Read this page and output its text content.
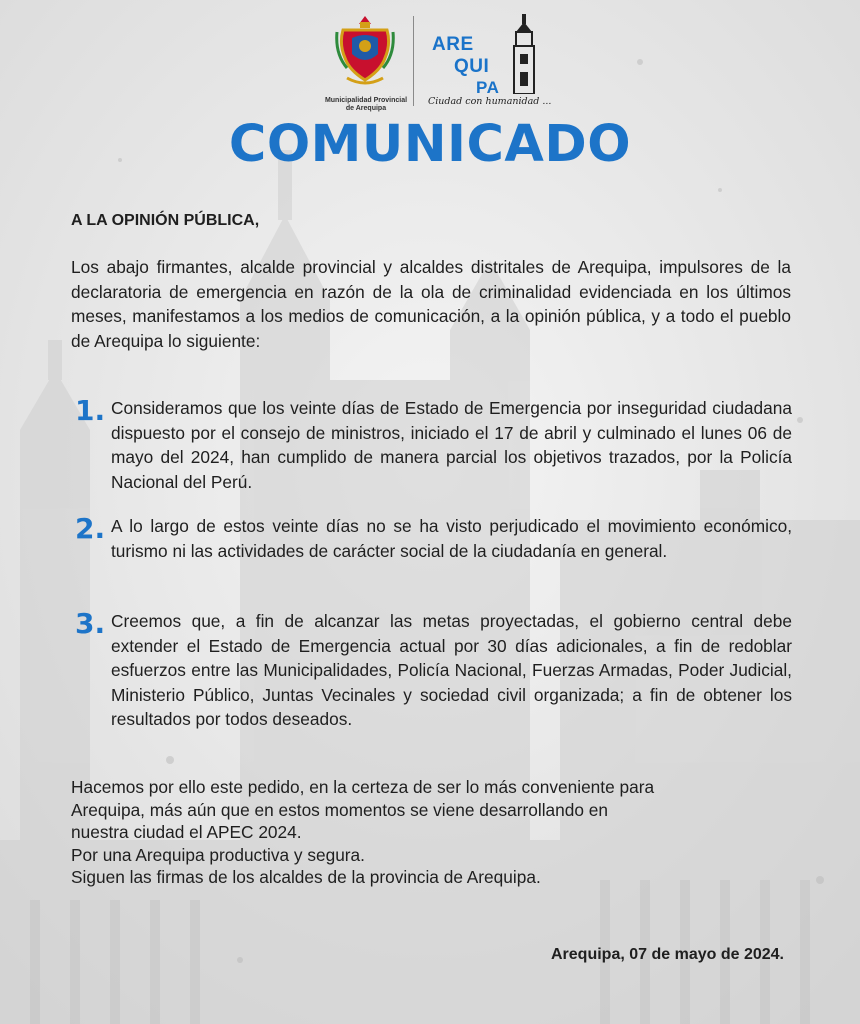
Municipalidad Provincial
de Arequipa
ARE
QUI
PA
Ciudad con humanidad ...
COMUNICADO
A LA OPINIÓN PÚBLICA,
Los abajo firmantes, alcalde provincial y alcaldes distritales de Arequipa, impulsores de la declaratoria de emergencia en razón de la ola de criminalidad evidenciada en los últimos meses, manifestamos a los medios de comunicación, a la opinión pública, y a todo el pueblo de Arequipa lo siguiente:
1. Consideramos que los veinte días de Estado de Emergencia por inseguridad ciudadana dispuesto por el consejo de ministros, iniciado el 17 de abril y culminado el lunes 06 de mayo del 2024, han cumplido de manera parcial los objetivos trazados, por la Policía Nacional del Perú.
2. A lo largo de estos veinte días no se ha visto perjudicado el movimiento económico, turismo ni las actividades de carácter social de la ciudadanía en general.
3. Creemos que, a fin de alcanzar las metas proyectadas, el gobierno central debe extender el Estado de Emergencia actual por 30 días adicionales, a fin de redoblar esfuerzos entre las Municipalidades, Policía Nacional, Fuerzas Armadas, Poder Judicial, Ministerio Público, Juntas Vecinales y sociedad civil organizada; a fin de obtener los resultados por todos deseados.
Hacemos por ello este pedido, en la certeza de ser lo más conveniente para
Arequipa, más aún que en estos momentos se viene desarrollando en
nuestra ciudad el APEC 2024.
Por una Arequipa productiva y segura.
Siguen las firmas de los alcaldes de la provincia de Arequipa.
Arequipa, 07 de mayo de 2024.
